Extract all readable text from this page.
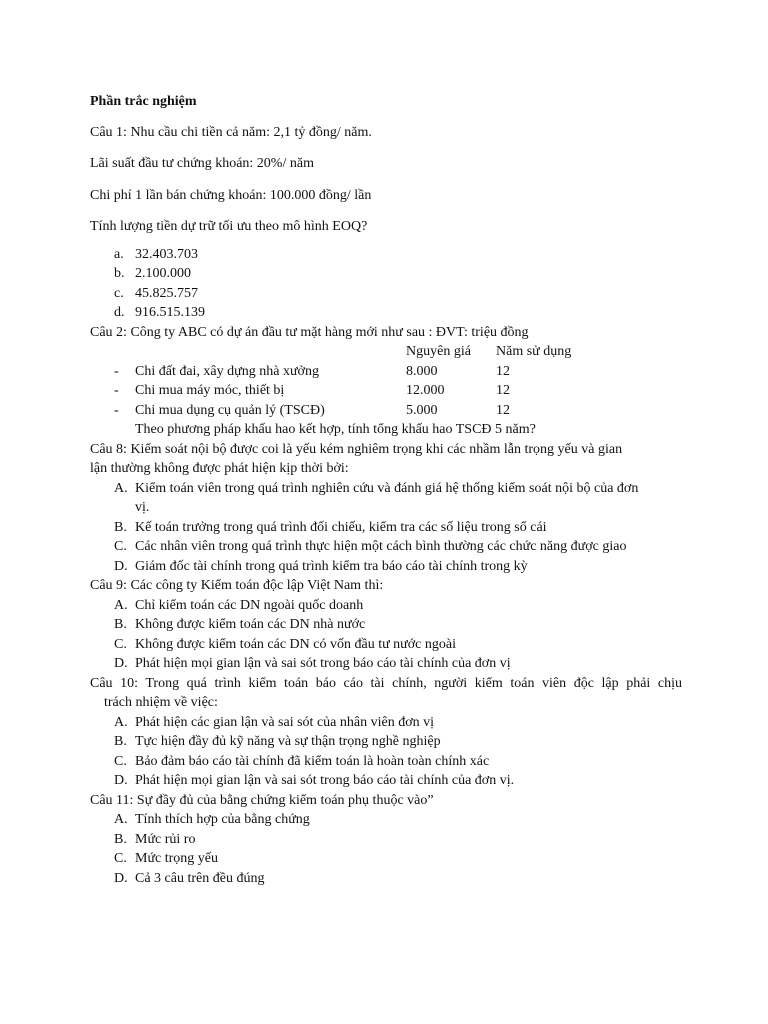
Phần trắc nghiệm
Câu 1: Nhu cầu chi tiền cả năm: 2,1 tỷ đồng/ năm.
Lãi suất đầu tư chứng khoán: 20%/ năm
Chi phí 1 lần bán chứng khoán: 100.000 đồng/ lần
Tính lượng tiền dự trữ tối ưu theo mô hình EOQ?
a. 32.403.703
b. 2.100.000
c. 45.825.757
d. 916.515.139
Câu 2: Công ty ABC có dự án đầu tư mặt hàng mới như sau : ĐVT: triệu đồng
Nguyên giá	Năm sử dụng
-	Chi đất đai, xây dựng nhà xưởng	8.000	12
-	Chi mua máy móc, thiết bị	12.000	12
-	Chi mua dụng cụ quản lý (TSCĐ)	5.000	12
Theo phương pháp khấu hao kết hợp, tính tổng khấu hao TSCĐ 5 năm?
Câu 8: Kiểm soát nội bộ được coi là yếu kém nghiêm trọng khi các nhầm lẫn trọng yếu và gian
lận thường không được phát hiện kịp thời bởi:
A. Kiểm toán viên trong quá trình nghiên cứu và đánh giá hệ thống kiểm soát nội bộ của đơn
vị.
B. Kế toán trưởng trong quá trình đối chiếu, kiểm tra các số liệu trong sổ cái
C. Các nhân viên trong quá trình thực hiện một cách bình thường các chức năng được giao
D. Giám đốc tài chính trong quá trình kiểm tra báo cáo tài chính trong kỳ
Câu 9: Các công ty Kiểm toán độc lập Việt Nam thì:
A. Chỉ kiểm toán các DN ngoài quốc doanh
B. Không được kiểm toán các DN nhà nước
C. Không được kiểm toán các DN có vốn đầu tư nước ngoài
D. Phát hiện mọi gian lận và sai sót trong báo cáo tài chính của đơn vị
Câu 10: Trong quá trình kiểm toán báo cáo tài chính, người kiểm toán viên độc lập phải chịu
trách nhiệm về việc:
A. Phát hiện các gian lận và sai sót của nhân viên đơn vị
B. Tực hiện đầy đủ kỹ năng và sự thận trọng nghề nghiệp
C. Bảo đảm báo cáo tài chính đã kiểm toán là hoàn toàn chính xác
D. Phát hiện mọi gian lận và sai sót trong báo cáo tài chính của đơn vị.
Câu 11: Sự đầy đủ của bằng chứng kiểm toán phụ thuộc vào”
A. Tính thích hợp của bằng chứng
B. Mức rủi ro
C. Mức trọng yếu
D. Cả 3 câu trên đều đúng
